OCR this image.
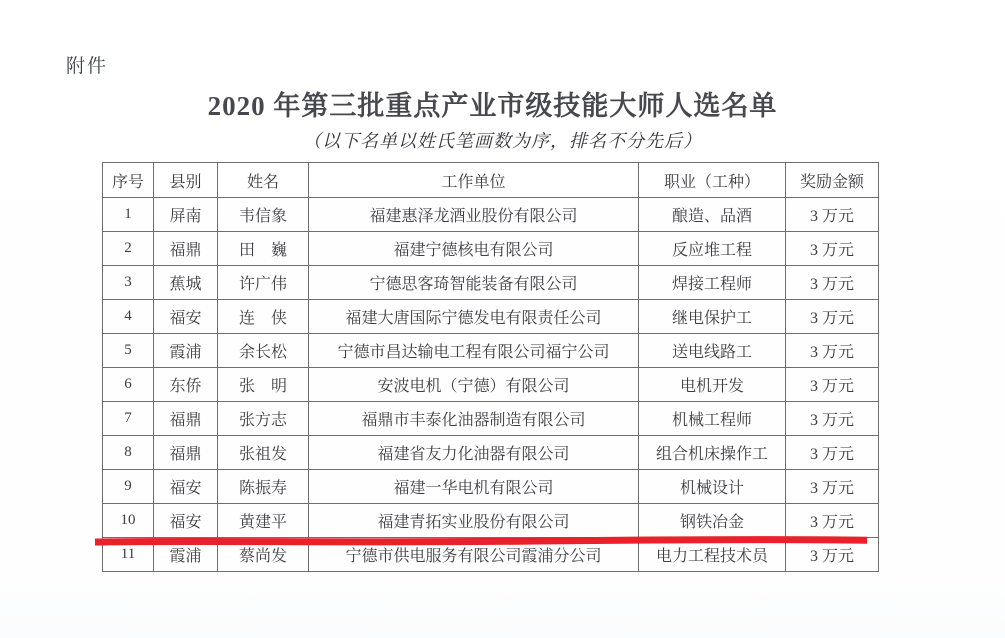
附件
2020 年第三批重点产业市级技能大师人选名单
（以下名单以姓氏笔画数为序，排名不分先后）
序号	县别	姓名	工作单位	职业（工种）	奖励金额
1	屏南	韦信象	福建惠泽龙酒业股份有限公司	酿造、品酒	3 万元
2	福鼎	田　巍	福建宁德核电有限公司	反应堆工程	3 万元
3	蕉城	许广伟	宁德思客琦智能装备有限公司	焊接工程师	3 万元
4	福安	连　侠	福建大唐国际宁德发电有限责任公司	继电保护工	3 万元
5	霞浦	余长松	宁德市昌达输电工程有限公司福宁公司	送电线路工	3 万元
6	东侨	张　明	安波电机（宁德）有限公司	电机开发	3 万元
7	福鼎	张方志	福鼎市丰泰化油器制造有限公司	机械工程师	3 万元
8	福鼎	张祖发	福建省友力化油器有限公司	组合机床操作工	3 万元
9	福安	陈振寿	福建一华电机有限公司	机械设计	3 万元
10	福安	黄建平	福建青拓实业股份有限公司	钢铁冶金	3 万元
11	霞浦	蔡尚发	宁德市供电服务有限公司霞浦分公司	电力工程技术员	3 万元
